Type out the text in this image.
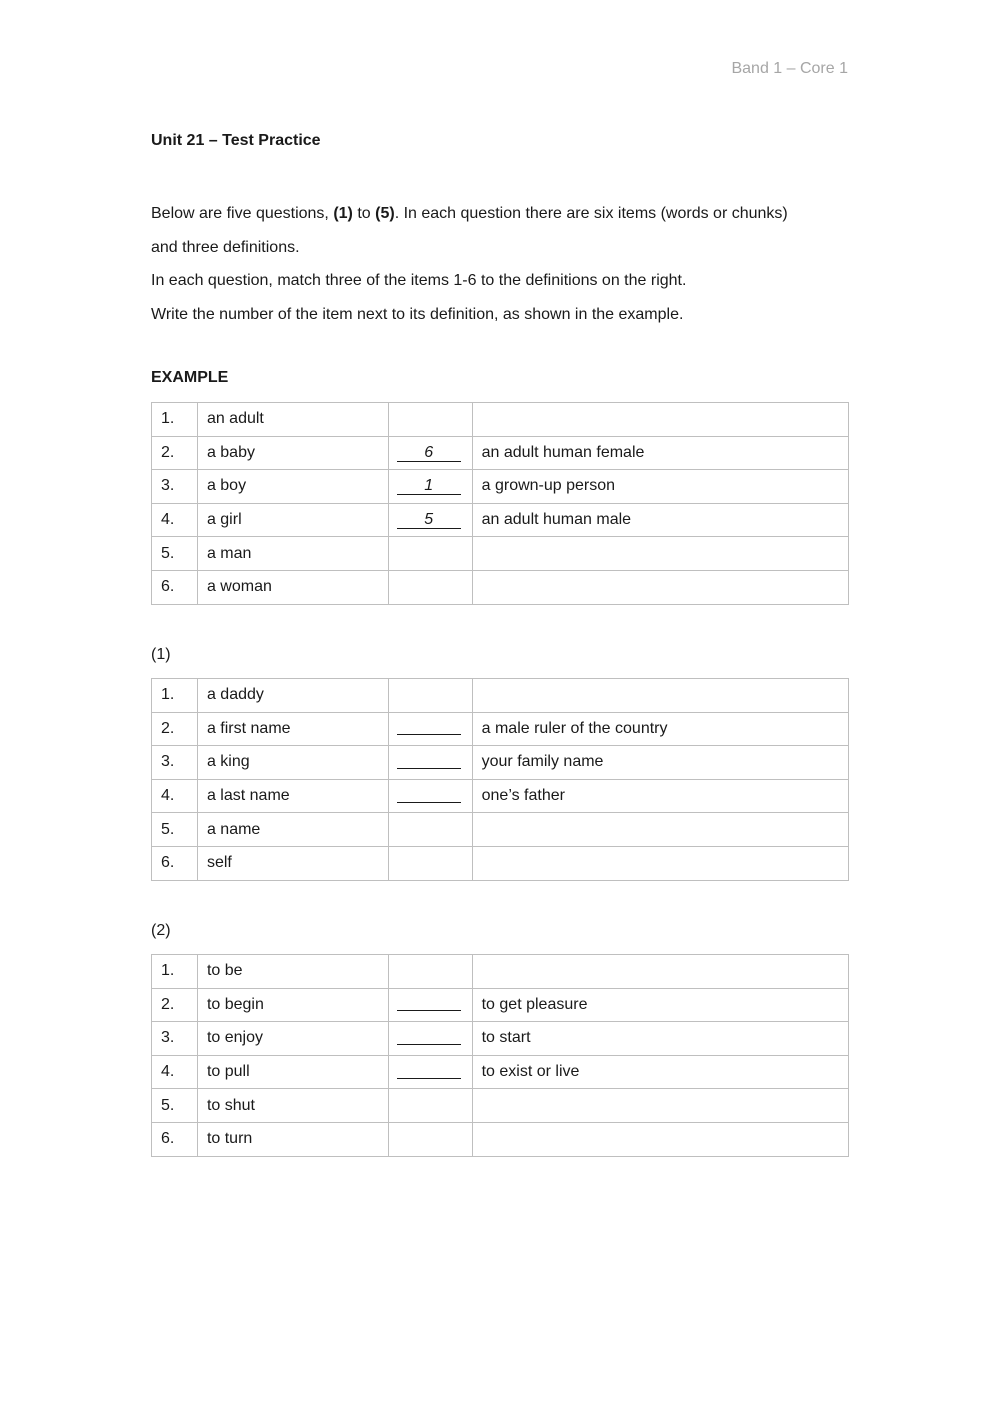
Band 1 – Core 1
Unit 21 – Test Practice

Below are five questions, (1) to (5). In each question there are six items (words or chunks)

and three definitions.

In each question, match three of the items 1-6 to the definitions on the right.

Write the number of the item next to its definition, as shown in the example.

EXAMPLE
1.	an adult		
2.	a baby	6	an adult human female
3.	a boy	1	a grown-up person
4.	a girl	5	an adult human male
5.	a man		
6.	a woman		
(1)
1.	a daddy		
2.	a first name		a male ruler of the country
3.	a king		your family name
4.	a last name		one’s father
5.	a name		
6.	self		
(2)
1.	to be		
2.	to begin		to get pleasure
3.	to enjoy		to start
4.	to pull		to exist or live
5.	to shut		
6.	to turn		
